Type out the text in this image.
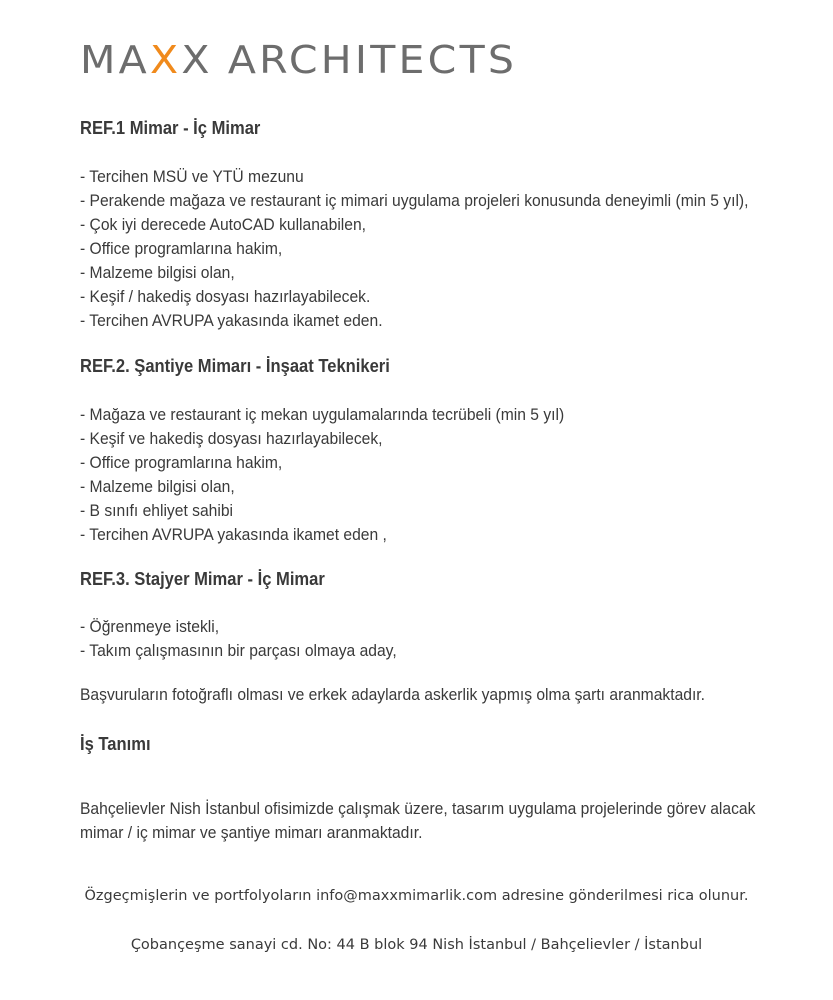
MAXX ARCHITECTS
REF.1 Mimar - İç Mimar
- Tercihen MSÜ ve YTÜ mezunu
- Perakende mağaza ve restaurant iç mimari uygulama projeleri konusunda deneyimli (min 5 yıl),
- Çok iyi derecede AutoCAD kullanabilen,
- Office programlarına hakim,
- Malzeme bilgisi olan,
- Keşif / hakediş dosyası hazırlayabilecek.
- Tercihen AVRUPA yakasında ikamet eden.
REF.2. Şantiye Mimarı - İnşaat Teknikeri
- Mağaza ve restaurant iç mekan uygulamalarında tecrübeli (min 5 yıl)
- Keşif ve hakediş dosyası hazırlayabilecek,
- Office programlarına hakim,
- Malzeme bilgisi olan,
- B sınıfı ehliyet sahibi
- Tercihen AVRUPA yakasında ikamet eden ,
REF.3. Stajyer Mimar - İç Mimar
- Öğrenmeye istekli,
- Takım çalışmasının bir parçası olmaya aday,

Başvuruların fotoğraflı olması ve erkek adaylarda askerlik yapmış olma şartı aranmaktadır.

İş Tanımı

Bahçelievler Nish İstanbul ofisimizde çalışmak üzere, tasarım uygulama projelerinde görev alacak

mimar / iç mimar ve şantiye mimarı aranmaktadır.

Özgeçmişlerin ve portfolyoların info@maxxmimarlik.com adresine gönderilmesi rica olunur.
Çobançeşme sanayi cd. No: 44 B blok 94 Nish İstanbul / Bahçelievler / İstanbul
